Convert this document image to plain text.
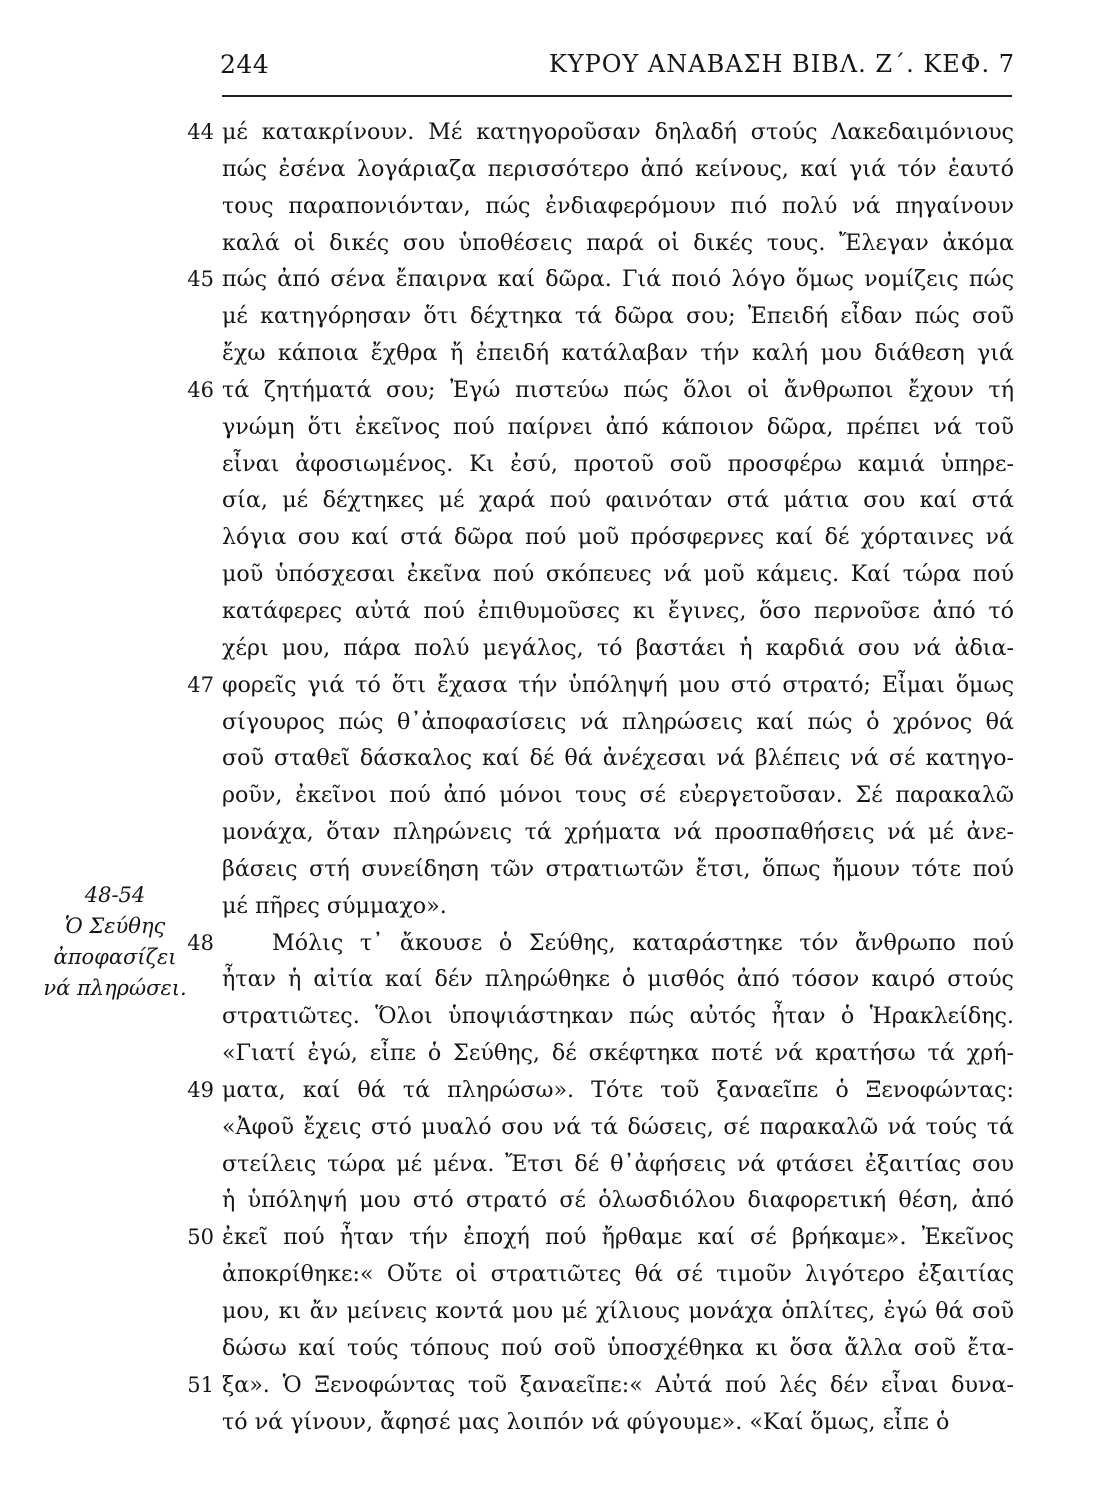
244	ΚΥΡΟΥ ΑΝΑΒΑΣΗ ΒΙΒΛ. Ζ΄. ΚΕΦ. 7
48-54
Ὁ Σεύθης
ἀποφασίζει
νά πληρώσει.
44 μέ κατακρίνουν. Μέ κατηγοροῦσαν δηλαδή στούς Λακεδαιμόνιους
πώς ἐσένα λογάριαζα περισσότερο ἀπό κείνους, καί γιά τόν ἑαυτό
τους παραπονιόνταν, πώς ἐνδιαφερόμουν πιό πολύ νά πηγαίνουν
καλά οἱ δικές σου ὑποθέσεις παρά οἱ δικές τους. Ἔλεγαν ἀκόμα
45 πώς ἀπό σένα ἔπαιρνα καί δῶρα. Γιά ποιό λόγο ὅμως νομίζεις πώς
μέ κατηγόρησαν ὅτι δέχτηκα τά δῶρα σου; Ἐπειδή εἶδαν πώς σοῦ
ἔχω κάποια ἔχθρα ἤ ἐπειδή κατάλαβαν τήν καλή μου διάθεση γιά
46 τά ζητήματά σου; Ἐγώ πιστεύω πώς ὅλοι οἱ ἄνθρωποι ἔχουν τή
γνώμη ὅτι ἐκεῖνος πού παίρνει ἀπό κάποιον δῶρα, πρέπει νά τοῦ
εἶναι ἀφοσιωμένος. Κι ἐσύ, προτοῦ σοῦ προσφέρω καμιά ὑπηρε-
σία, μέ δέχτηκες μέ χαρά πού φαινόταν στά μάτια σου καί στά
λόγια σου καί στά δῶρα πού μοῦ πρόσφερνες καί δέ χόρταινες νά
μοῦ ὑπόσχεσαι ἐκεῖνα πού σκόπευες νά μοῦ κάμεις. Καί τώρα πού
κατάφερες αὐτά πού ἐπιθυμοῦσες κι ἔγινες, ὅσο περνοῦσε ἀπό τό
χέρι μου, πάρα πολύ μεγάλος, τό βαστάει ἡ καρδιά σου νά ἀδια-
47 φορεῖς γιά τό ὅτι ἔχασα τήν ὑπόληψή μου στό στρατό; Εἶμαι ὅμως
σίγουρος πώς θ᾿ἀποφασίσεις νά πληρώσεις καί πώς ὁ χρόνος θά
σοῦ σταθεῖ δάσκαλος καί δέ θά ἀνέχεσαι νά βλέπεις νά σέ κατηγο-
ροῦν, ἐκεῖνοι πού ἀπό μόνοι τους σέ εὐεργετοῦσαν. Σέ παρακαλῶ
μονάχα, ὅταν πληρώνεις τά χρήματα νά προσπαθήσεις νά μέ ἀνε-
βάσεις στή συνείδηση τῶν στρατιωτῶν ἔτσι, ὅπως ἤμουν τότε πού
μέ πῆρες σύμμαχο».
48	Μόλις τ᾿ ἄκουσε ὁ Σεύθης, καταράστηκε τόν ἄνθρωπο πού
ἦταν ἡ αἰτία καί δέν πληρώθηκε ὁ μισθός ἀπό τόσον καιρό στούς
στρατιῶτες. Ὅλοι ὑποψιάστηκαν πώς αὐτός ἦταν ὁ Ἡρακλείδης.
«Γιατί ἐγώ, εἶπε ὁ Σεύθης, δέ σκέφτηκα ποτέ νά κρατήσω τά χρή-
49 ματα, καί θά τά πληρώσω». Τότε τοῦ ξαναεῖπε ὁ Ξενοφώντας:
«Ἀφοῦ ἔχεις στό μυαλό σου νά τά δώσεις, σέ παρακαλῶ νά τούς τά
στείλεις τώρα μέ μένα. Ἔτσι δέ θ᾿ἀφήσεις νά φτάσει ἐξαιτίας σου
ἡ ὑπόληψή μου στό στρατό σέ ὁλωσδιόλου διαφορετική θέση, ἀπό
50 ἐκεῖ πού ἦταν τήν ἐποχή πού ἤρθαμε καί σέ βρήκαμε». Ἐκεῖνος
ἀποκρίθηκε:« Οὔτε οἱ στρατιῶτες θά σέ τιμοῦν λιγότερο ἐξαιτίας
μου, κι ἄν μείνεις κοντά μου μέ χίλιους μονάχα ὁπλίτες, ἐγώ θά σοῦ
δώσω καί τούς τόπους πού σοῦ ὑποσχέθηκα κι ὅσα ἄλλα σοῦ ἔτα-
51 ξα». Ὁ Ξενοφώντας τοῦ ξαναεῖπε:« Αὐτά πού λές δέν εἶναι δυνα-
τό νά γίνουν, ἄφησέ μας λοιπόν νά φύγουμε». «Καί ὅμως, εἶπε ὁ
